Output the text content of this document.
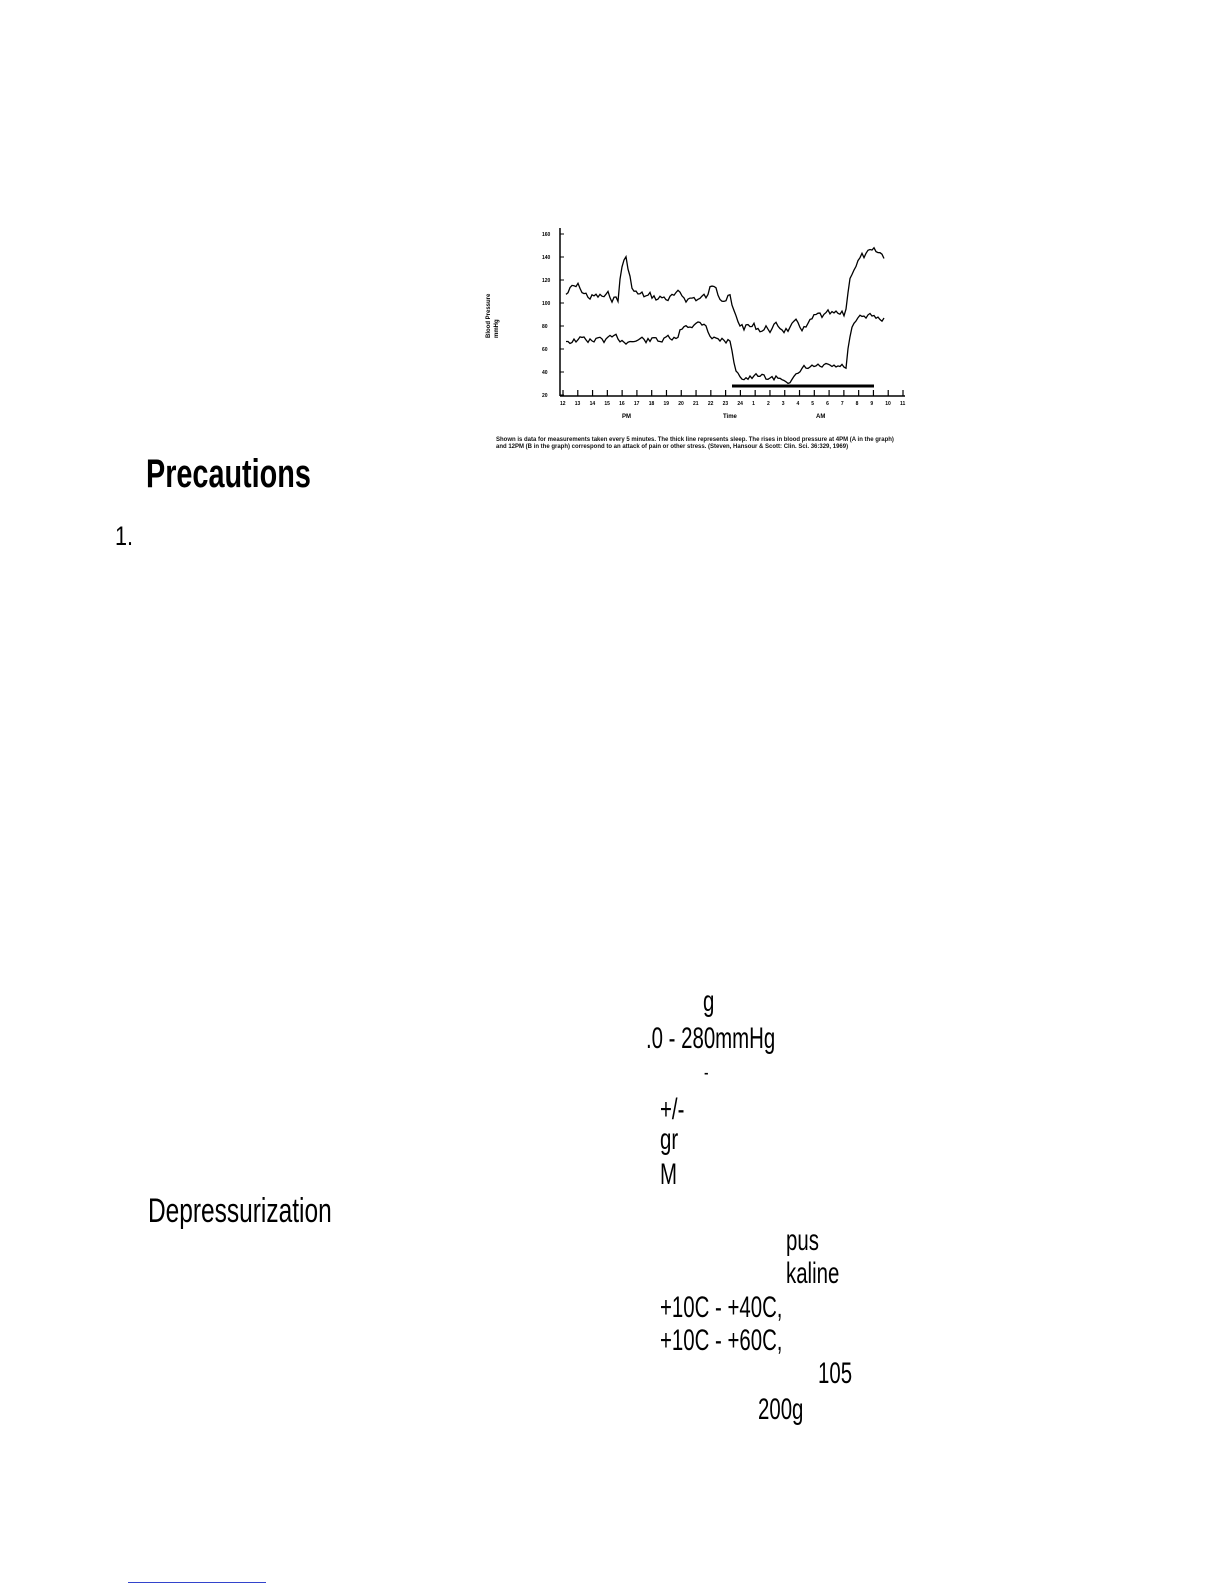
Blood Pressure mmHg
160
140
120
100
80
60
40
20
12 13 14 15 16 17 18 19 20 21 22 23 24 1 2 3 4 5 6 7 8 9 10 11
PM	Time	AM
Shown is data for measurements taken every 5 minutes. The thick line represents sleep. The rises in blood pressure at 4PM (A in the graph) and 12PM (B in the graph) correspond to an attack of pain or other stress. (Steven, Hansour & Scott: Clin. Sci. 36:329, 1969)
Precautions
1.
Depressurization
g
.0 - 280mmHg
-
+/-
gr
M
pus
kaline
+10C - +40C,
+10C - +60C,
105
200g
